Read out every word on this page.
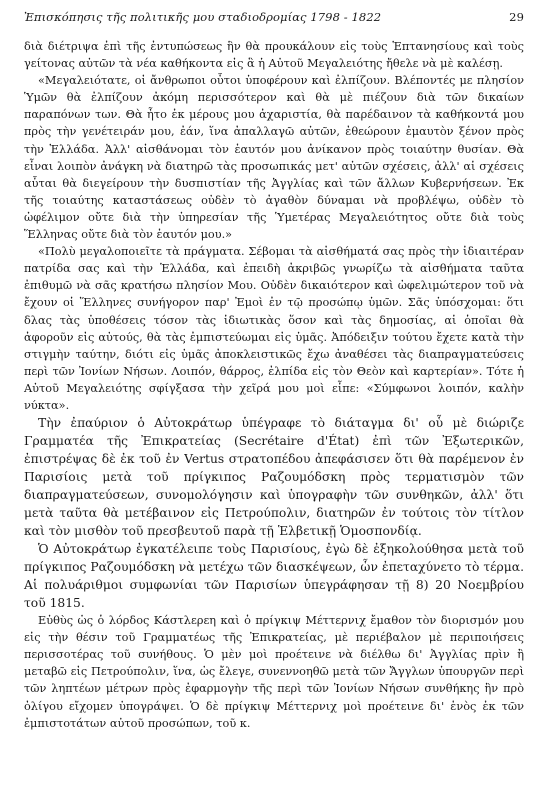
Ἐπισκόπησις τῆς πολιτικῆς μου σταδιοδρομίας 1798 - 1822	29

διὰ διέτριψα ἐπὶ τῆς ἐντυπώσεως ἣν θὰ προυκάλουν εἰς τοὺς Ἑπτανησίους καὶ τοὺς γείτονας αὐτῶν τὰ νέα καθήκοντα εἰς ἃ ἡ Αὐτοῦ Μεγαλειότης ἤθελε νὰ μὲ καλέσῃ.

«Μεγαλειότατε, οἱ ἄνθρωποι οὗτοι ὑποφέρουν καὶ ἐλπίζουν. Βλέποντές με πλησίον Ὑμῶν θὰ ἐλπίζουν ἀκόμη περισσότερον καὶ θὰ μὲ πιέζουν διὰ τῶν δικαίων παραπόνων των. Θὰ ἦτο ἐκ μέρους μου ἀχαριστία, θὰ παρέδαινον τὰ καθήκοντά μου πρὸς τὴν γενέτειράν μου, ἐάν, ἵνα ἀπαλλαγῶ αὐτῶν, ἐθεώρουν ἐμαυτὸν ξένον πρὸς τὴν Ἑλλάδα. Ἀλλ' αἰσθάνομαι τὸν ἑαυτόν μου ἀνίκανον πρὸς τοιαύτην θυσίαν. Θὰ εἶναι λοιπὸν ἀνάγκη νὰ διατηρῶ τὰς προσωπικάς μετ' αὐτῶν σχέσεις, ἀλλ' αἱ σχέσεις αὗται θὰ διεγείρουν τὴν δυσπιστίαν τῆς Ἀγγλίας καὶ τῶν ἄλλων Κυβερνήσεων. Ἐκ τῆς τοιαύτης καταστάσεως οὐδὲν τὸ ἀγαθὸν δύναμαι νὰ προβλέψω, οὐδὲν τὸ ὠφέλιμον οὔτε διὰ τὴν ὑπηρεσίαν τῆς Ὑμετέρας Μεγαλειότητος οὔτε διὰ τοὺς Ἕλληνας οὔτε διὰ τὸν ἑαυτόν μου.»

«Πολὺ μεγαλοποιεῖτε τὰ πράγματα. Σέβομαι τὰ αἰσθήματά σας πρὸς τὴν ἰδιαιτέραν πατρίδα σας καὶ τὴν Ἑλλάδα, καὶ ἐπειδὴ ἀκριβῶς γνωρίζω τὰ αἰσθήματα ταῦτα ἐπιθυμῶ νὰ σᾶς κρατήσω πλησίον Μου. Οὐδὲν δικαιότερον καὶ ὠφελιμώτερον τοῦ νὰ ἔχουν οἱ Ἕλληνες συνήγορον παρ' Ἐμοὶ ἐν τῷ προσώπῳ ὑμῶν. Σᾶς ὑπόσχομαι: ὅτι δλας τὰς ὑποθέσεις τόσον τὰς ἰδιωτικὰς ὅσον καὶ τὰς δημοσίας, αἱ ὁποῖαι θὰ ἀφοροῦν εἰς αὐτούς, θὰ τὰς ἐμπιστεύωμαι εἰς ὑμᾶς. Ἀπόδειξιν τούτου ἔχετε κατὰ τὴν στιγμὴν ταύτην, διότι εἰς ὑμᾶς ἀποκλειστικῶς ἔχω ἀναθέσει τὰς διαπραγματεύσεις περὶ τῶν Ἰονίων Νήσων. Λοιπόν, θάρρος, ἐλπίδα εἰς τὸν Θεὸν καὶ καρτερίαν». Τότε ἡ Αὐτοῦ Μεγαλειότης σφίγξασα τὴν χεῖρά μου μοὶ εἶπε: «Σύμφωνοι λοιπόν, καλὴν νύκτα».

Τὴν ἐπαύριον ὁ Αὐτοκράτωρ ὑπέγραφε τὸ διάταγμα δι' οὗ μὲ διώριζε Γραμματέα τῆς Ἐπικρατείας (Secrétaire d'État) ἐπὶ τῶν Ἐξωτερικῶν, ἐπιστρέψας δὲ ἐκ τοῦ ἐν Vertus στρατοπέδου ἀπεφάσισεν ὅτι θὰ παρέμενον ἐν Παρισίοις μετὰ τοῦ πρίγκιπος Ραζουμόδσκη πρὸς τερματισμὸν τῶν διαπραγματεύσεων, συνομολόγησιν καὶ ὑπογραφὴν τῶν συνθηκῶν, ἀλλ' ὅτι μετὰ ταῦτα θὰ μετέβαινον εἰς Πετρούπολιν, διατηρῶν ἐν τούτοις τὸν τίτλον καὶ τὸν μισθὸν τοῦ πρεσβευτοῦ παρὰ τῇ Ἑλβετικῇ Ὁμοσπονδίᾳ.

Ὁ Αὐτοκράτωρ ἐγκατέλειπε τοὺς Παρισίους, ἐγὼ δὲ ἐξηκολούθησα μετὰ τοῦ πρίγκιπος Ραζουμόδσκη νὰ μετέχω τῶν διασκέψεων, ὧν ἐπεταχύνετο τὸ τέρμα. Αἱ πολυάριθμοι συμφωνίαι τῶν Παρισίων ὑπεγράφησαν τῇ 8) 20 Νοεμβρίου τοῦ 1815.

Εὐθὺς ὡς ὁ λόρδος Κάστλερεη καὶ ὁ πρίγκιψ Μέττερνιχ ἔμαθον τὸν διορισμόν μου εἰς τὴν θέσιν τοῦ Γραμματέως τῆς Ἐπικρατείας, μὲ περιέβαλον μὲ περιποιήσεις περισσοτέρας τοῦ συνήθους. Ὁ μὲν μοὶ προέτεινε νὰ διέλθω δι' Ἀγγλίας πρὶν ἢ μεταβῶ εἰς Πετρούπολιν, ἵνα, ὡς ἔλεγε, συνεννοηθῶ μετὰ τῶν Ἄγγλων ὑπουργῶν περὶ τῶν ληπτέων μέτρων πρὸς ἐφαρμογὴν τῆς περὶ τῶν Ἰονίων Νήσων συνθήκης ἣν πρὸ ὀλίγου εἴχομεν ὑπογράψει. Ὁ δὲ πρίγκιψ Μέττερνιχ μοὶ προέτεινε δι' ἑνὸς ἐκ τῶν ἐμπιστοτάτων αὐτοῦ προσώπων, τοῦ κ.
